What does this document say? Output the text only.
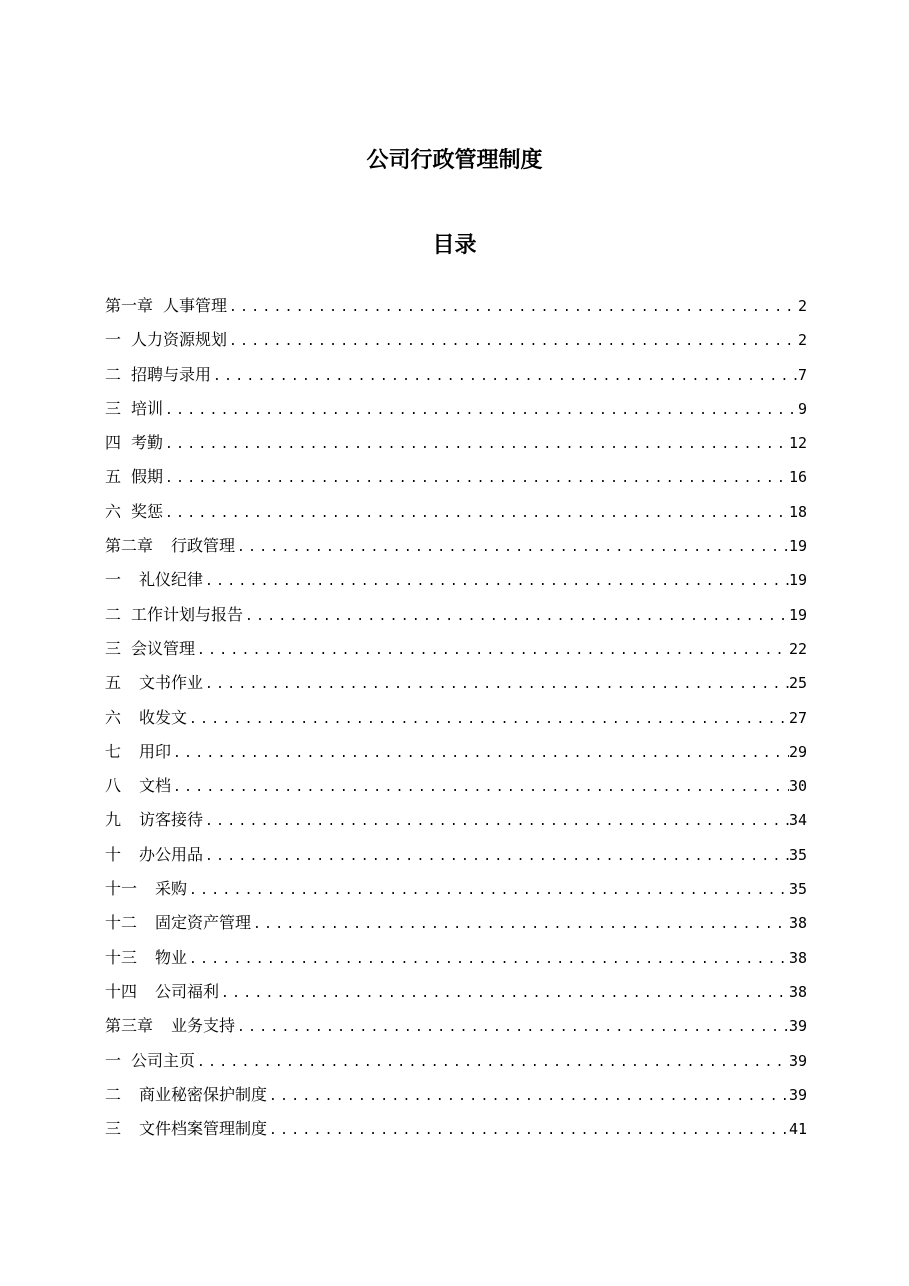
公司行政管理制度
目录
第一章 人事管理 .....	2
一 人力资源规划 .....	2
二 招聘与录用 .....	7
三 培训 .....	9
四 考勤 .....	12
五 假期 .....	16
六 奖惩 .....	18
第二章	行政管理 .....	19
一	礼仪纪律 .....	19
二 工作计划与报告 .....	19
三 会议管理 .....	22
五	文书作业 .....	25
六	收发文 .....	27
七	用印 .....	29
八	文档 .....	30
九	访客接待 .....	34
十	办公用品 .....	35
十一	采购 .....	35
十二	固定资产管理 .....	38
十三	物业 .....	38
十四	公司福利 .....	38
第三章	业务支持 .....	39
一 公司主页 .....	39
二	商业秘密保护制度 .....	39
三	文件档案管理制度 .....	41
